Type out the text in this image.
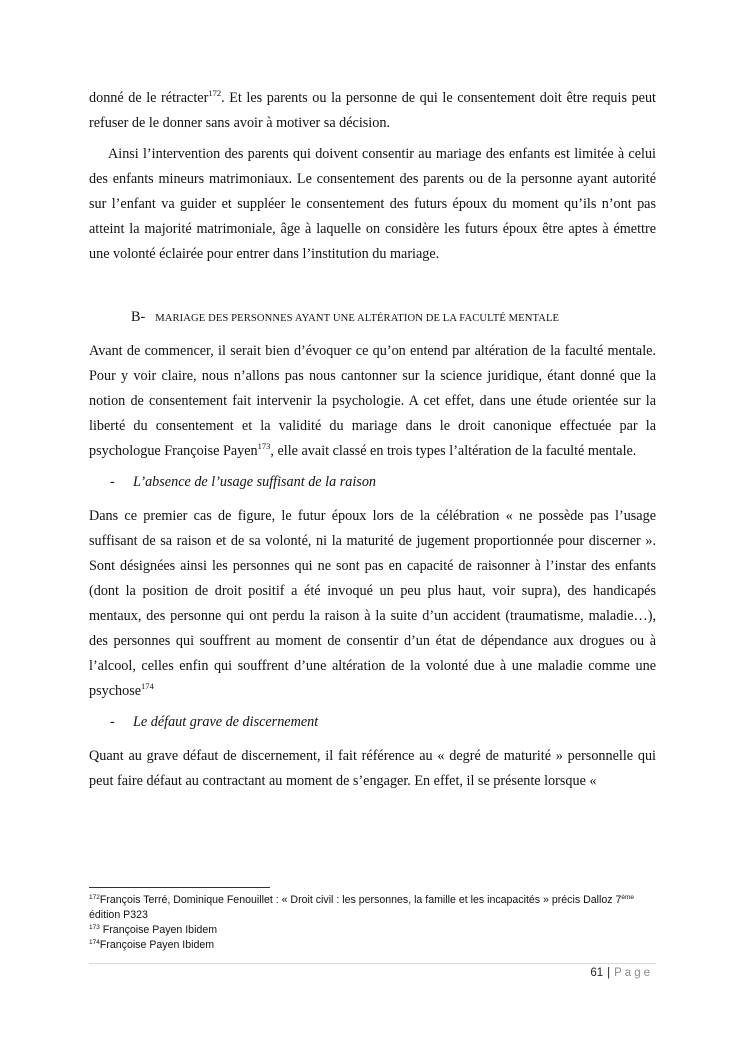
donné de le rétracter$^{172}$. Et les parents ou la personne de qui le consentement doit être requis peut refuser de le donner sans avoir à motiver sa décision.

Ainsi l’intervention des parents qui doivent consentir au mariage des enfants est limitée à celui des enfants mineurs matrimoniaux. Le consentement des parents ou de la personne ayant autorité sur l’enfant va guider et suppléer le consentement des futurs époux du moment qu’ils n’ont pas atteint la majorité matrimoniale, âge à laquelle on considère les futurs époux être aptes à émettre une volonté éclairée pour entrer dans l’institution du mariage.

B- MARIAGE DES PERSONNES AYANT UNE ALTÉRATION DE LA FACULTÉ MENTALE

Avant de commencer, il serait bien d’évoquer ce qu’on entend par altération de la faculté mentale. Pour y voir claire, nous n’allons pas nous cantonner sur la science juridique, étant donné que la notion de consentement fait intervenir la psychologie. A cet effet, dans une étude orientée sur la liberté du consentement et la validité du mariage dans le droit canonique effectuée par la psychologue Françoise Payen$^{173}$, elle avait classé en trois types l’altération de la faculté mentale.

- L’absence de l’usage suffisant de la raison

Dans ce premier cas de figure, le futur époux lors de la célébration « ne possède pas l’usage suffisant de sa raison et de sa volonté, ni la maturité de jugement proportionnée pour discerner ». Sont désignées ainsi les personnes qui ne sont pas en capacité de raisonner à l’instar des enfants (dont la position de droit positif a été invoqué un peu plus haut, voir supra), des handicapés mentaux, des personne qui ont perdu la raison à la suite d’un accident (traumatisme, maladie…), des personnes qui souffrent au moment de consentir d’un état de dépendance aux drogues ou à l’alcool, celles enfin qui souffrent d’une altération de la volonté due à une maladie comme une psychose$^{174}$

- Le défaut grave de discernement

Quant au grave défaut de discernement, il fait référence au « degré de maturité » personnelle qui peut faire défaut au contractant au moment de s’engager. En effet, il se présente lorsque «

$^{172}$François Terré, Dominique Fenouillet : « Droit civil : les personnes, la famille et les incapacités » précis Dalloz 7ème édition P323

$^{173}$ Françoise Payen Ibidem

$^{174}$Françoise Payen Ibidem

61 | Page
